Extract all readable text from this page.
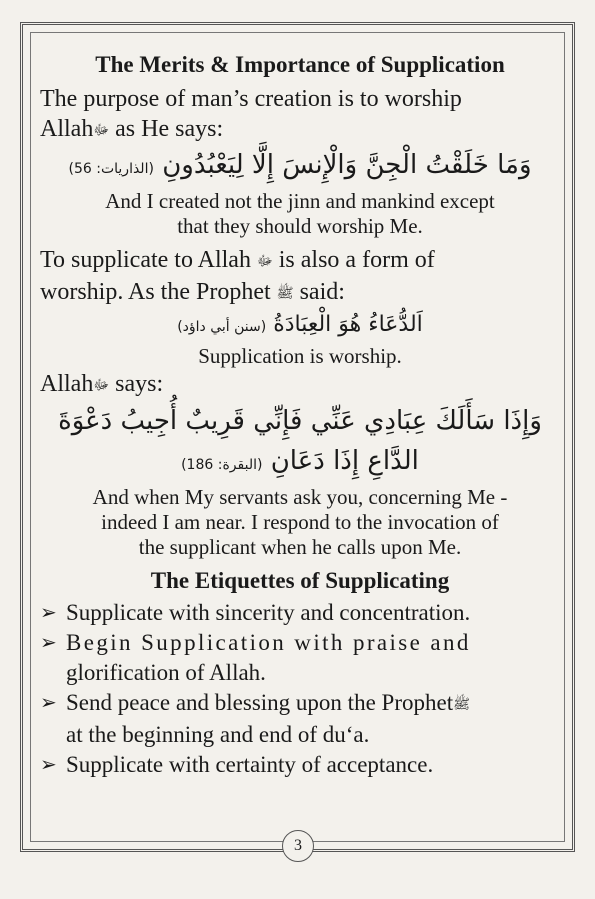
The Merits & Importance of Supplication

The purpose of man’s creation is to worship

Allahﷻ as He says:

وَمَا خَلَقْتُ الْجِنَّ وَالْإِنسَ إِلَّا لِيَعْبُدُونِ (الذاريات: 56)

And I created not the jinn and mankind except

that they should worship Me.

To supplicate to Allah ﷻ is also a form of

worship. As the Prophet ﷺ said:

اَلدُّعَاءُ هُوَ الْعِبَادَةُ (سنن أبي داؤد)

Supplication is worship.

Allahﷻ says:

وَإِذَا سَأَلَكَ عِبَادِي عَنِّي فَإِنِّي قَرِيبٌ أُجِيبُ دَعْوَةَ

الدَّاعِ إِذَا دَعَانِ (البقرة: 186)

And when My servants ask you, concerning Me -

indeed I am near. I respond to the invocation of

the supplicant when he calls upon Me.

The Etiquettes of Supplicating
➢ Supplicate with sincerity and concentration.
➢ Begin Supplication with praise and
glorification of Allah.
➢ Send peace and blessing upon the Prophetﷺ
at the beginning and end of du‘a.
➢ Supplicate with certainty of acceptance.
3
